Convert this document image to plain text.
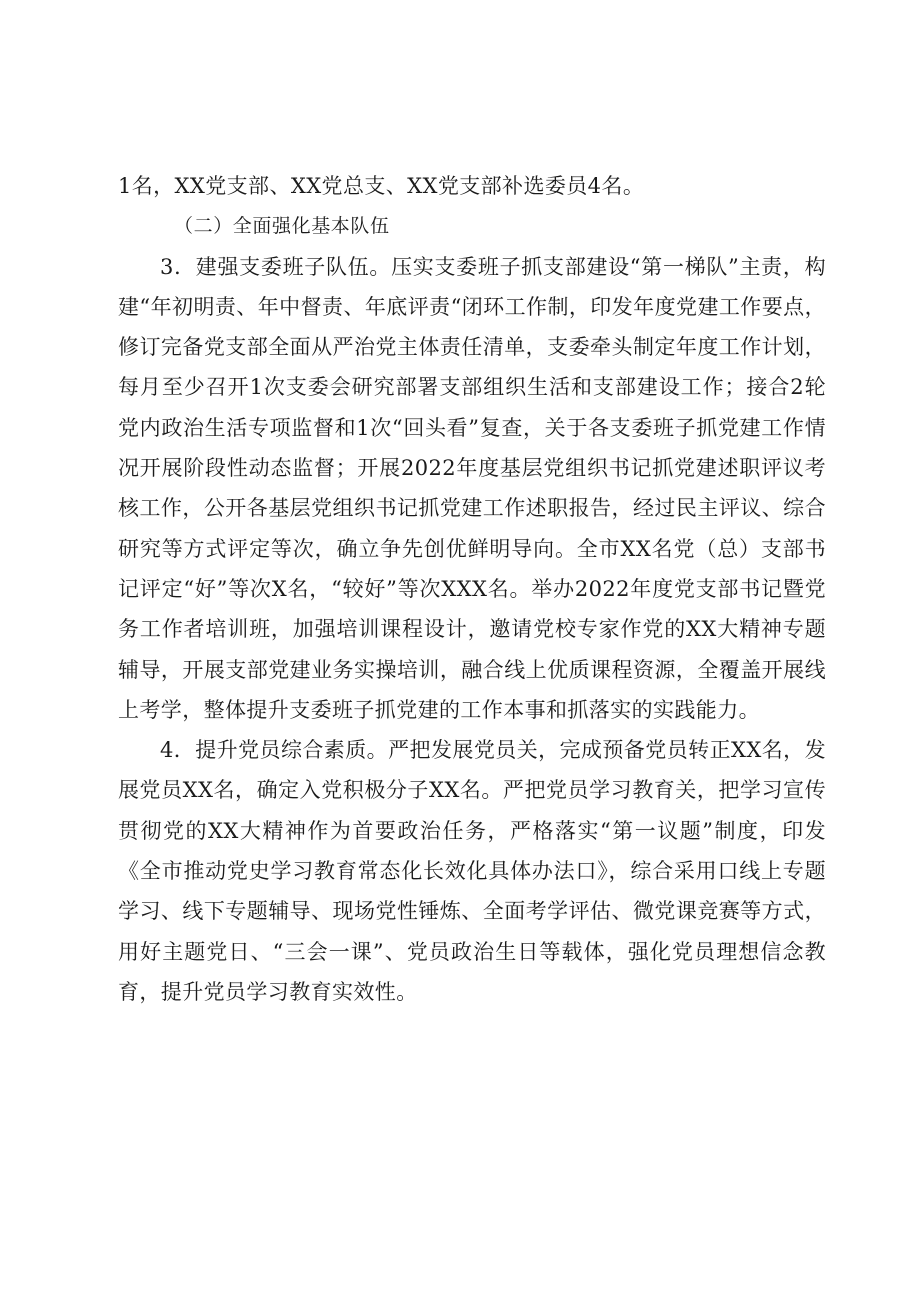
1名，XX党支部、XX党总支、XX党支部补选委员4名。

（二）全面强化基本队伍

3．建强支委班子队伍。压实支委班子抓支部建设“第一梯队”主责，构建“年初明责、年中督责、年底评责“闭环工作制，印发年度党建工作要点，修订完备党支部全面从严治党主体责任清单，支委牵头制定年度工作计划，每月至少召开1次支委会研究部署支部组织生活和支部建设工作；接合2轮党内政治生活专项监督和1次“回头看”复查，关于各支委班子抓党建工作情况开展阶段性动态监督；开展2022年度基层党组织书记抓党建述职评议考核工作，公开各基层党组织书记抓党建工作述职报告，经过民主评议、综合研究等方式评定等次，确立争先创优鲜明导向。全市XX名党（总）支部书记评定“好”等次X名，“较好”等次XXX名。举办2022年度党支部书记暨党务工作者培训班，加强培训课程设计，邀请党校专家作党的XX大精神专题辅导，开展支部党建业务实操培训，融合线上优质课程资源，全覆盖开展线上考学，整体提升支委班子抓党建的工作本事和抓落实的实践能力。

4．提升党员综合素质。严把发展党员关，完成预备党员转正XX名，发展党员XX名，确定入党积极分子XX名。严把党员学习教育关，把学习宣传贯彻党的XX大精神作为首要政治任务，严格落实“第一议题”制度，印发《全市推动党史学习教育常态化长效化具体办法口》，综合采用口线上专题学习、线下专题辅导、现场党性锤炼、全面考学评估、微党课竞赛等方式，用好主题党日、“三会一课”、党员政治生日等载体，强化党员理想信念教育，提升党员学习教育实效性。
